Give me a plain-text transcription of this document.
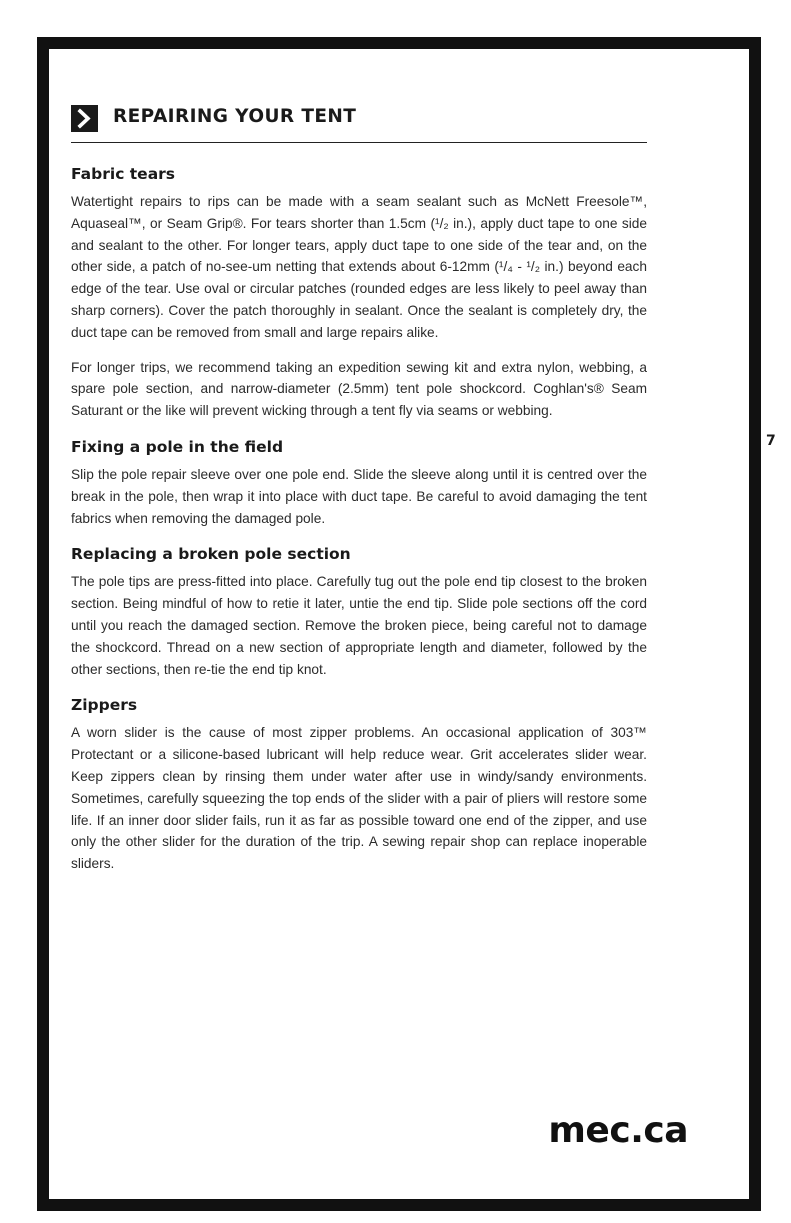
REPAIRING YOUR TENT
Fabric tears

Watertight repairs to rips can be made with a seam sealant such as McNett Freesole™, Aquaseal™, or Seam Grip®. For tears shorter than 1.5cm (¹/₂ in.), apply duct tape to one side and sealant to the other. For longer tears, apply duct tape to one side of the tear and, on the other side, a patch of no-see-um netting that extends about 6-12mm (¹/₄ - ¹/₂ in.) beyond each edge of the tear. Use oval or circular patches (rounded edges are less likely to peel away than sharp corners). Cover the patch thoroughly in sealant. Once the sealant is completely dry, the duct tape can be removed from small and large repairs alike.

For longer trips, we recommend taking an expedition sewing kit and extra nylon, webbing, a spare pole section, and narrow-diameter (2.5mm) tent pole shockcord. Coghlan's® Seam Saturant or the like will prevent wicking through a tent fly via seams or webbing.

Fixing a pole in the field

Slip the pole repair sleeve over one pole end. Slide the sleeve along until it is centred over the break in the pole, then wrap it into place with duct tape. Be careful to avoid damaging the tent fabrics when removing the damaged pole.

Replacing a broken pole section

The pole tips are press-fitted into place. Carefully tug out the pole end tip closest to the broken section. Being mindful of how to retie it later, untie the end tip. Slide pole sections off the cord until you reach the damaged section. Remove the broken piece, being careful not to damage the shockcord. Thread on a new section of appropriate length and diameter, followed by the other sections, then re-tie the end tip knot.

Zippers

A worn slider is the cause of most zipper problems. An occasional application of 303™ Protectant or a silicone-based lubricant will help reduce wear. Grit accelerates slider wear. Keep zippers clean by rinsing them under water after use in windy/sandy environments. Sometimes, carefully squeezing the top ends of the slider with a pair of pliers will restore some life. If an inner door slider fails, run it as far as possible toward one end of the zipper, and use only the other slider for the duration of the trip. A sewing repair shop can replace inoperable sliders.

7
mec.ca
